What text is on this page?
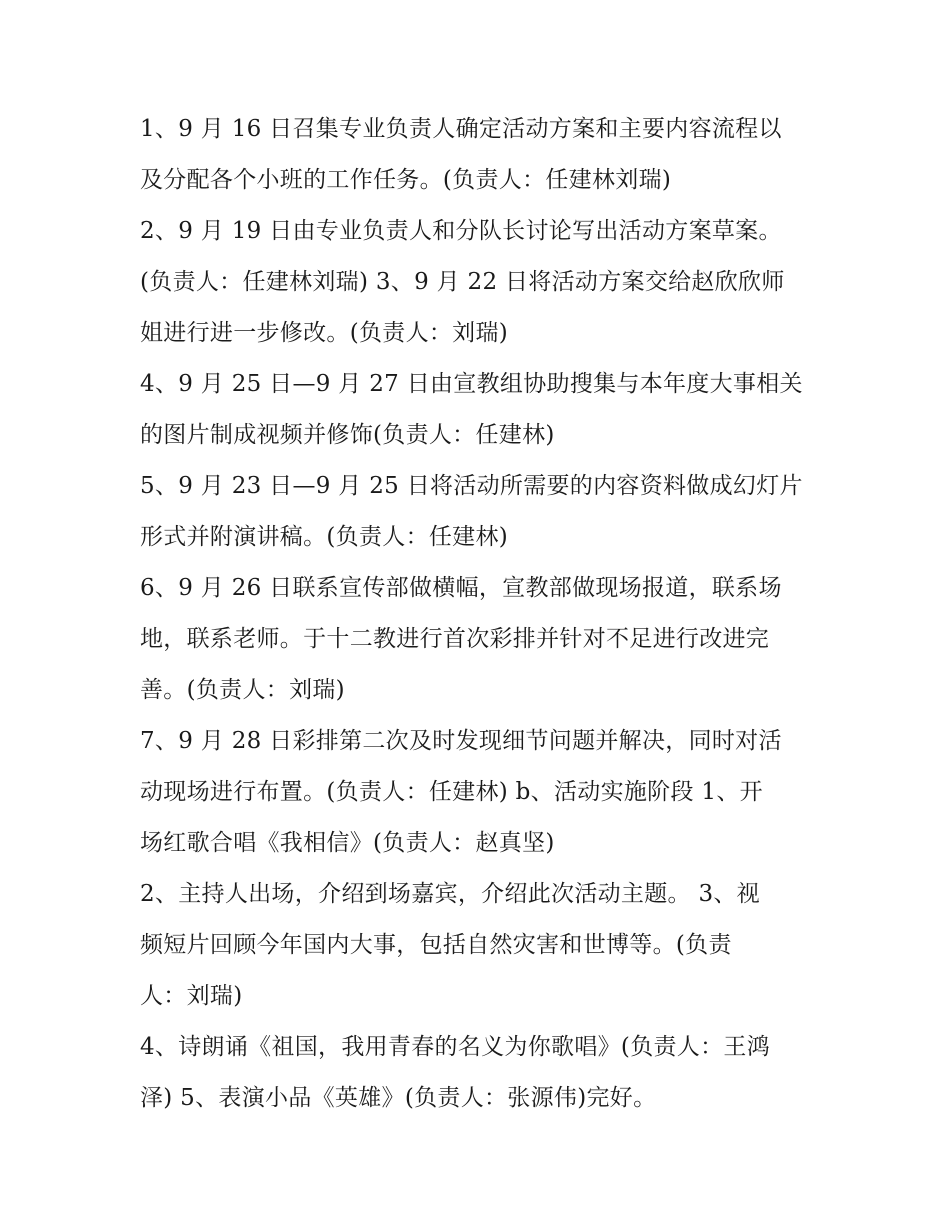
1、9 月 16 日召集专业负责人确定活动方案和主要内容流程以
及分配各个小班的工作任务。(负责人：任建林刘瑞)
2、9 月 19 日由专业负责人和分队长讨论写出活动方案草案。
(负责人：任建林刘瑞) 3、9 月 22 日将活动方案交给赵欣欣师
姐进行进一步修改。(负责人：刘瑞)
4、9 月 25 日—9 月 27 日由宣教组协助搜集与本年度大事相关
的图片制成视频并修饰(负责人：任建林)
5、9 月 23 日—9 月 25 日将活动所需要的内容资料做成幻灯片
形式并附演讲稿。(负责人：任建林)
6、9 月 26 日联系宣传部做横幅，宣教部做现场报道，联系场
地，联系老师。于十二教进行首次彩排并针对不足进行改进完
善。(负责人：刘瑞)
7、9 月 28 日彩排第二次及时发现细节问题并解决，同时对活
动现场进行布置。(负责人：任建林) b、活动实施阶段 1、开
场红歌合唱《我相信》(负责人：赵真坚)
2、主持人出场，介绍到场嘉宾，介绍此次活动主题。 3、视
频短片回顾今年国内大事，包括自然灾害和世博等。(负责
人：刘瑞)
4、诗朗诵《祖国，我用青春的名义为你歌唱》(负责人：王鸿
泽) 5、表演小品《英雄》(负责人：张源伟)完好。
